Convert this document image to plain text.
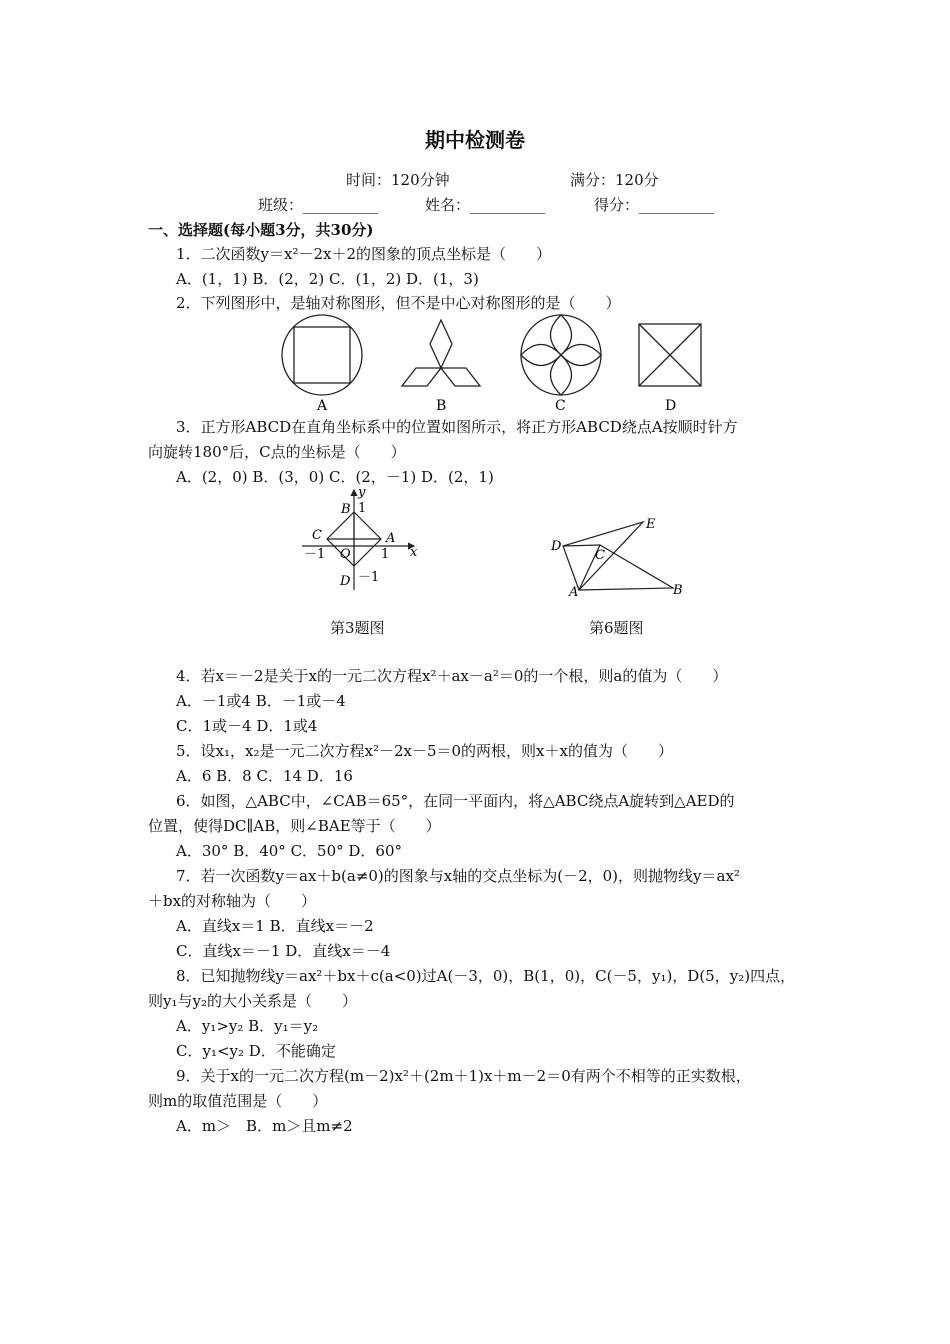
期中检测卷
时间：120分钟	满分：120分
班级：__________	姓名：__________	得分：__________
一、选择题(每小题3分，共30分)
1．二次函数y＝x²－2x＋2的图象的顶点坐标是（　　）
A．(1，1) B．(2，2) C．(1，2) D．(1，3)
2．下列图形中，是轴对称图形，但不是中心对称图形的是（　　）
A	B	C	D
3．正方形ABCD在直角坐标系中的位置如图所示，将正方形ABCD绕点A按顺时针方
向旋转180°后，C点的坐标是（　　）
A．(2，0) B．(3，0) C．(2，－1) D．(2，1)
y
x
B 1
C	A
－1 O 1
D －1
第3题图
D
E
C
A	B
第6题图
4．若x＝－2是关于x的一元二次方程x²＋ax－a²＝0的一个根，则a的值为（　　）
A．－1或4 B．－1或－4
C．1或－4 D．1或4
5．设x₁，x₂是一元二次方程x²－2x－5＝0的两根，则x＋x的值为（　　）
A．6 B．8 C．14 D．16
6．如图，△ABC中，∠CAB＝65°，在同一平面内，将△ABC绕点A旋转到△AED的
位置，使得DC∥AB，则∠BAE等于（　　）
A．30° B．40° C．50° D．60°
7．若一次函数y＝ax＋b(a≠0)的图象与x轴的交点坐标为(－2，0)，则抛物线y＝ax²
＋bx的对称轴为（　　）
A．直线x＝1 B．直线x＝－2
C．直线x＝－1 D．直线x＝－4
8．已知抛物线y＝ax²＋bx＋c(a<0)过A(－3，0)，B(1，0)，C(－5，y₁)，D(5，y₂)四点，
则y₁与y₂的大小关系是（　　）
A．y₁>y₂ B．y₁＝y₂
C．y₁<y₂ D．不能确定
9．关于x的一元二次方程(m－2)x²＋(2m＋1)x＋m－2＝0有两个不相等的正实数根，
则m的取值范围是（　　）
A．m＞　B．m＞且m≠2
